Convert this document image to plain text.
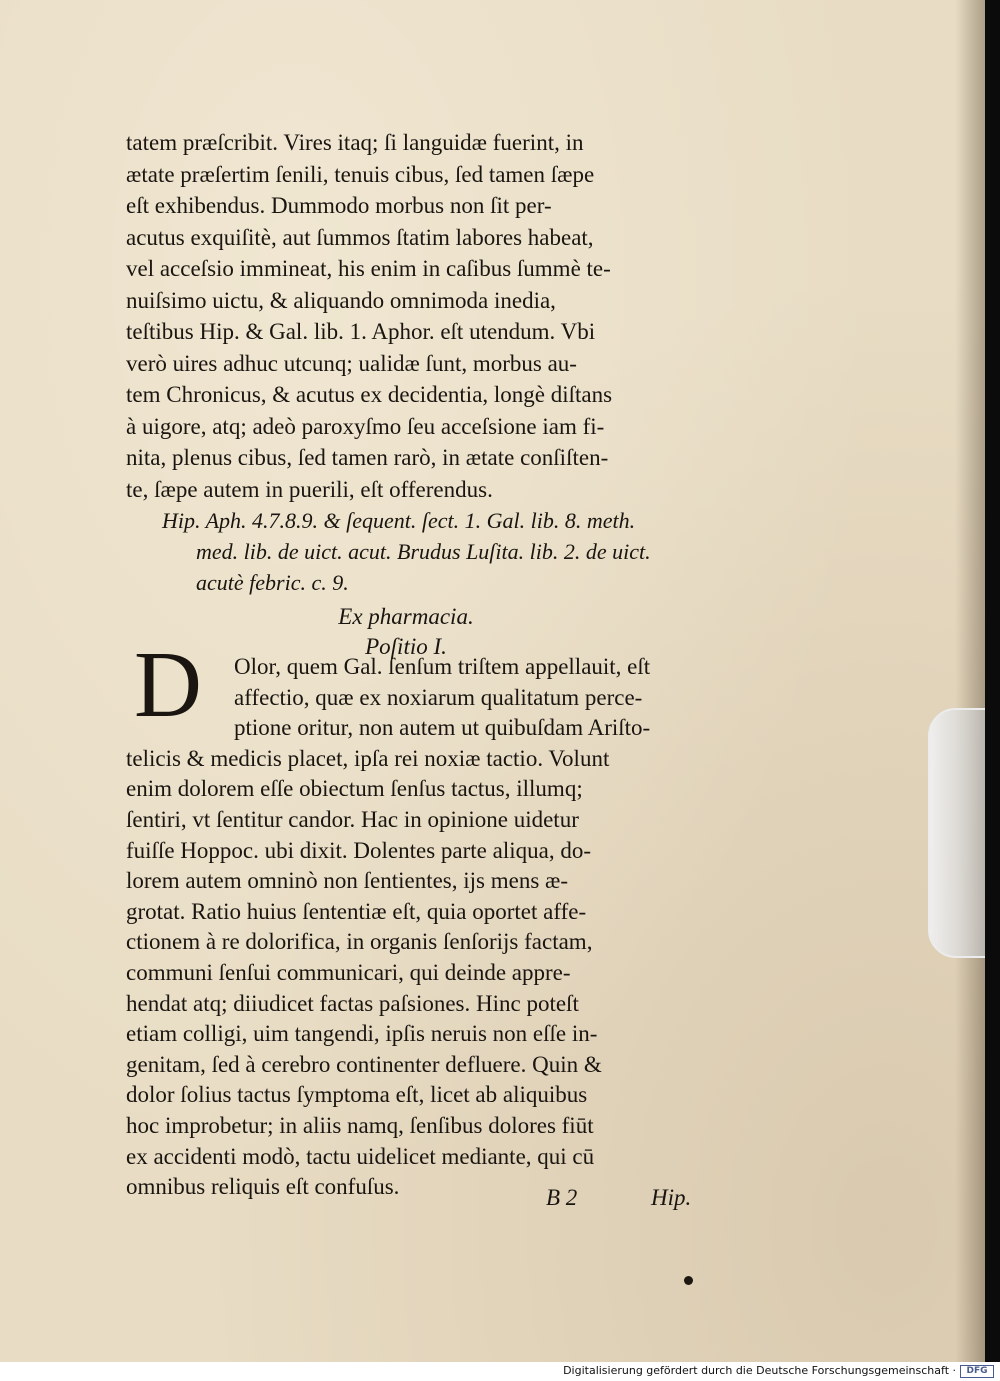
tatem præſcribit. Vires itaq; ſi languidæ fuerint, in
ætate præſertim ſenili, tenuis cibus, ſed tamen ſæpe
eſt exhibendus. Dummodo morbus non ſit per-
acutus exquiſitè, aut ſummos ſtatim labores habeat,
vel acceſsio immineat, his enim in caſibus ſummè te-
nuiſsimo uictu, & aliquando omnimoda inedia,
teſtibus Hip. & Gal. lib. 1. Aphor. eſt utendum. Vbi
verò uires adhuc utcunq; ualidæ ſunt, morbus au-
tem Chronicus, & acutus ex decidentia, longè diſtans
à uigore, atq; adeò paroxyſmo ſeu acceſsione iam fi-
nita, plenus cibus, ſed tamen rarò, in ætate conſiſten-
te, ſæpe autem in puerili, eſt offerendus.
Hip. Aph. 4.7.8.9. & ſequent. ſect. 1. Gal. lib. 8. meth.
med. lib. de uict. acut. Brudus Luſita. lib. 2. de uict.
acutè febric. c. 9.
Ex pharmacia.
Poſitio I.
Olor, quem Gal. ſenſum triſtem appellauit, eſt
affectio, quæ ex noxiarum qualitatum perce-
ptione oritur, non autem ut quibuſdam Ariſto-
telicis & medicis placet, ipſa rei noxiæ tactio. Volunt
enim dolorem eſſe obiectum ſenſus tactus, illumq;
ſentiri, vt ſentitur candor. Hac in opinione uidetur
fuiſſe Hoppoc. ubi dixit. Dolentes parte aliqua, do-
lorem autem omninò non ſentientes, ijs mens æ-
grotat. Ratio huius ſententiæ eſt, quia oportet affe-
ctionem à re dolorifica, in organis ſenſorijs factam,
communi ſenſui communicari, qui deinde appre-
hendat atq; diiudicet factas paſsiones. Hinc poteſt
etiam colligi, uim tangendi, ipſis neruis non eſſe in-
genitam, ſed à cerebro continenter defluere. Quin &
dolor ſolius tactus ſymptoma eſt, licet ab aliquibus
hoc improbetur; in aliis namq, ſenſibus dolores fiūt
ex accidenti modò, tactu uidelicet mediante, qui cū
omnibus reliquis eſt confuſus.	B 2	Hip.
D
Digitalisierung gefördert durch die Deutsche Forschungsgemeinschaft ·	DFG
